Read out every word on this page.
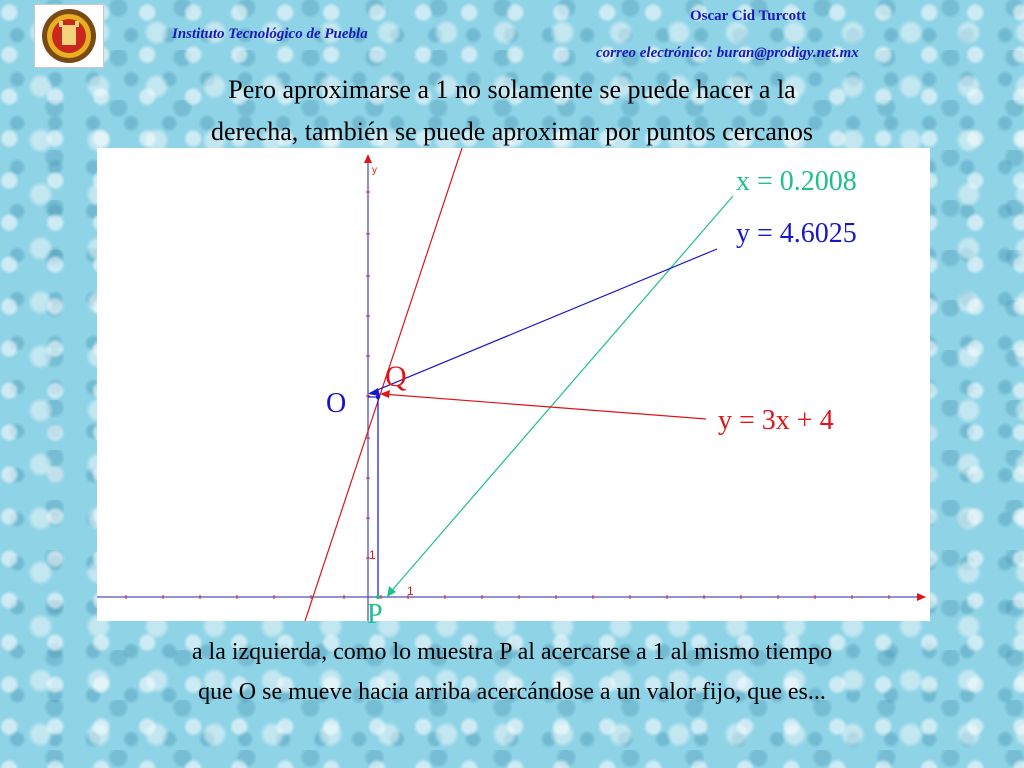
Instituto Tecnológico de Puebla
Oscar Cid Turcott
correo electrónico: buran@prodigy.net.mx
Pero aproximarse a 1 no solamente se puede hacer a la
derecha, también se puede aproximar por puntos cercanos
x = 0.2008
y = 4.6025
y = 3x + 4
Q
O
P
y
1
1
a la izquierda, como lo muestra P al acercarse a 1 al mismo tiempo
que O se mueve hacia arriba acercándose a un valor fijo, que es...
